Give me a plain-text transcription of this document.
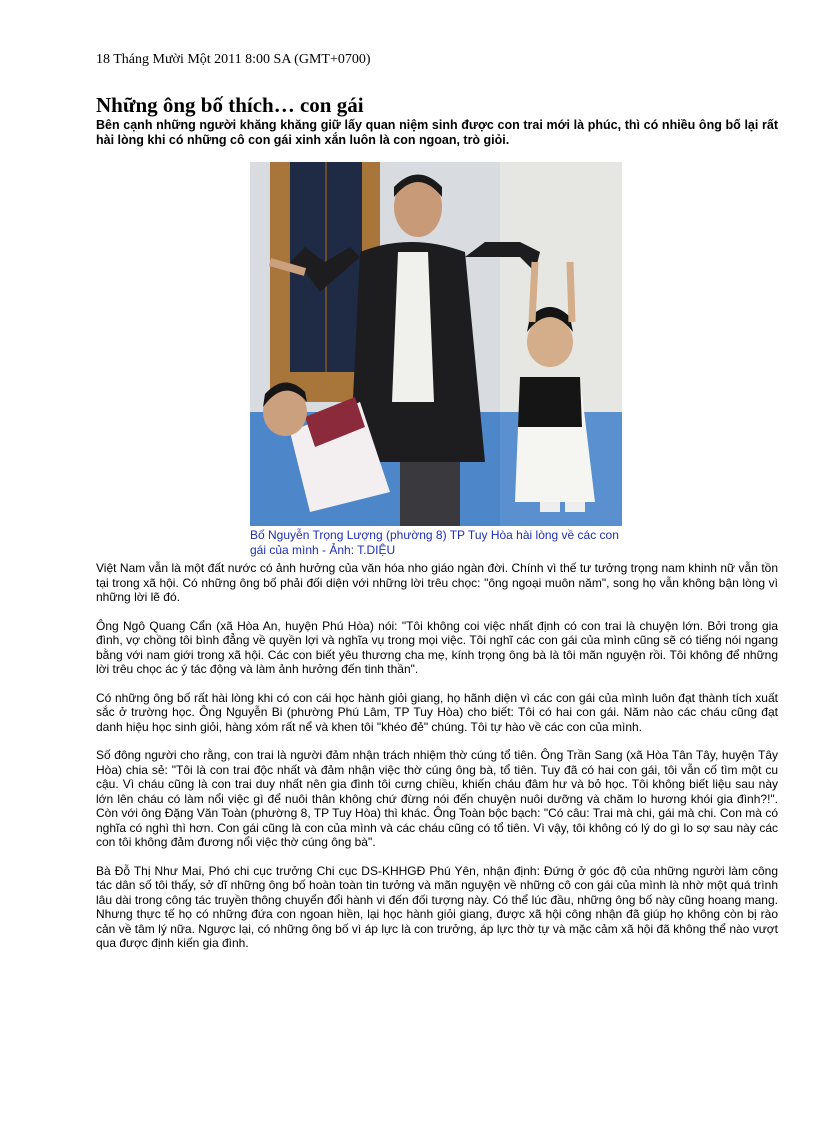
18 Tháng Mười Một 2011 8:00 SA (GMT+0700)
Những ông bố thích… con gái

Bên cạnh những người khăng khăng giữ lấy quan niệm sinh được con trai mới là phúc, thì có nhiều ông bố lại rất hài lòng khi có những cô con gái xinh xắn luôn là con ngoan, trò giỏi.

Bố Nguyễn Trọng Lượng (phường 8) TP Tuy Hòa hài lòng về các con gái của mình - Ảnh: T.DIỆU

Việt Nam vẫn là một đất nước có ảnh hưởng của văn hóa nho giáo ngàn đời. Chính vì thế tư tưởng trọng nam khinh nữ vẫn tồn tại trong xã hội. Có những ông bố phải đối diện với những lời trêu chọc: "ông ngoại muôn năm", song họ vẫn không bận lòng vì những lời lẽ đó.

Ông Ngô Quang Cẩn (xã Hòa An, huyện Phú Hòa) nói: "Tôi không coi việc nhất định có con trai là chuyện lớn. Bởi trong gia đình, vợ chồng tôi bình đẳng về quyền lợi và nghĩa vụ trong mọi việc. Tôi nghĩ các con gái của mình cũng sẽ có tiếng nói ngang bằng với nam giới trong xã hội. Các con biết yêu thương cha mẹ, kính trọng ông bà là tôi mãn nguyện rồi. Tôi không để những lời trêu chọc ác ý tác động và làm ảnh hưởng đến tinh thần".

Có những ông bố rất hài lòng khi có con cái học hành giỏi giang, họ hãnh diện vì các con gái của mình luôn đạt thành tích xuất sắc ở trường học. Ông Nguyễn Bi (phường Phú Lâm, TP Tuy Hòa) cho biết: Tôi có hai con gái. Năm nào các cháu cũng đạt danh hiệu học sinh giỏi, hàng xóm rất nể và khen tôi "khéo đẻ" chúng. Tôi tự hào về các con của mình.

Số đông người cho rằng, con trai là người đảm nhận trách nhiệm thờ cúng tổ tiên. Ông Trần Sang (xã Hòa Tân Tây, huyện Tây Hòa) chia sẻ: "Tôi là con trai độc nhất và đảm nhận việc thờ cúng ông bà, tổ tiên. Tuy đã có hai con gái, tôi vẫn cố tìm một cu cậu. Vì cháu cũng là con trai duy nhất nên gia đình tôi cưng chiều, khiến cháu đâm hư và bỏ học. Tôi không biết liệu sau này lớn lên cháu có làm nổi việc gì để nuôi thân không chứ đừng nói đến chuyện nuôi dưỡng và chăm lo hương khói gia đình?!". Còn với ông Đặng Văn Toàn (phường 8, TP Tuy Hòa) thì khác. Ông Toàn bộc bạch: "Có câu: Trai mà chi, gái mà chi. Con mà có nghĩa có nghì thì hơn. Con gái cũng là con của mình và các cháu cũng có tổ tiên. Vì vậy, tôi không có lý do gì lo sợ sau này các con tôi không đảm đương nổi việc thờ cúng ông bà".

Bà Đỗ Thị Như Mai, Phó chi cục trưởng Chi cục DS-KHHGĐ Phú Yên, nhận định: Đứng ở góc độ của những người làm công tác dân số tôi thấy, sở dĩ những ông bố hoàn toàn tin tưởng và mãn nguyện về những cô con gái của mình là nhờ một quá trình lâu dài trong công tác truyền thông chuyển đổi hành vi đến đối tượng này. Có thể lúc đầu, những ông bố này cũng hoang mang. Nhưng thực tế họ có những đứa con ngoan hiền, lại học hành giỏi giang, được xã hội công nhận đã giúp họ không còn bị rào cản về tâm lý nữa. Ngược lại, có những ông bố vì áp lực là con trưởng, áp lực thờ tự và mặc cảm xã hội đã không thể nào vượt qua được định kiến gia đình.
